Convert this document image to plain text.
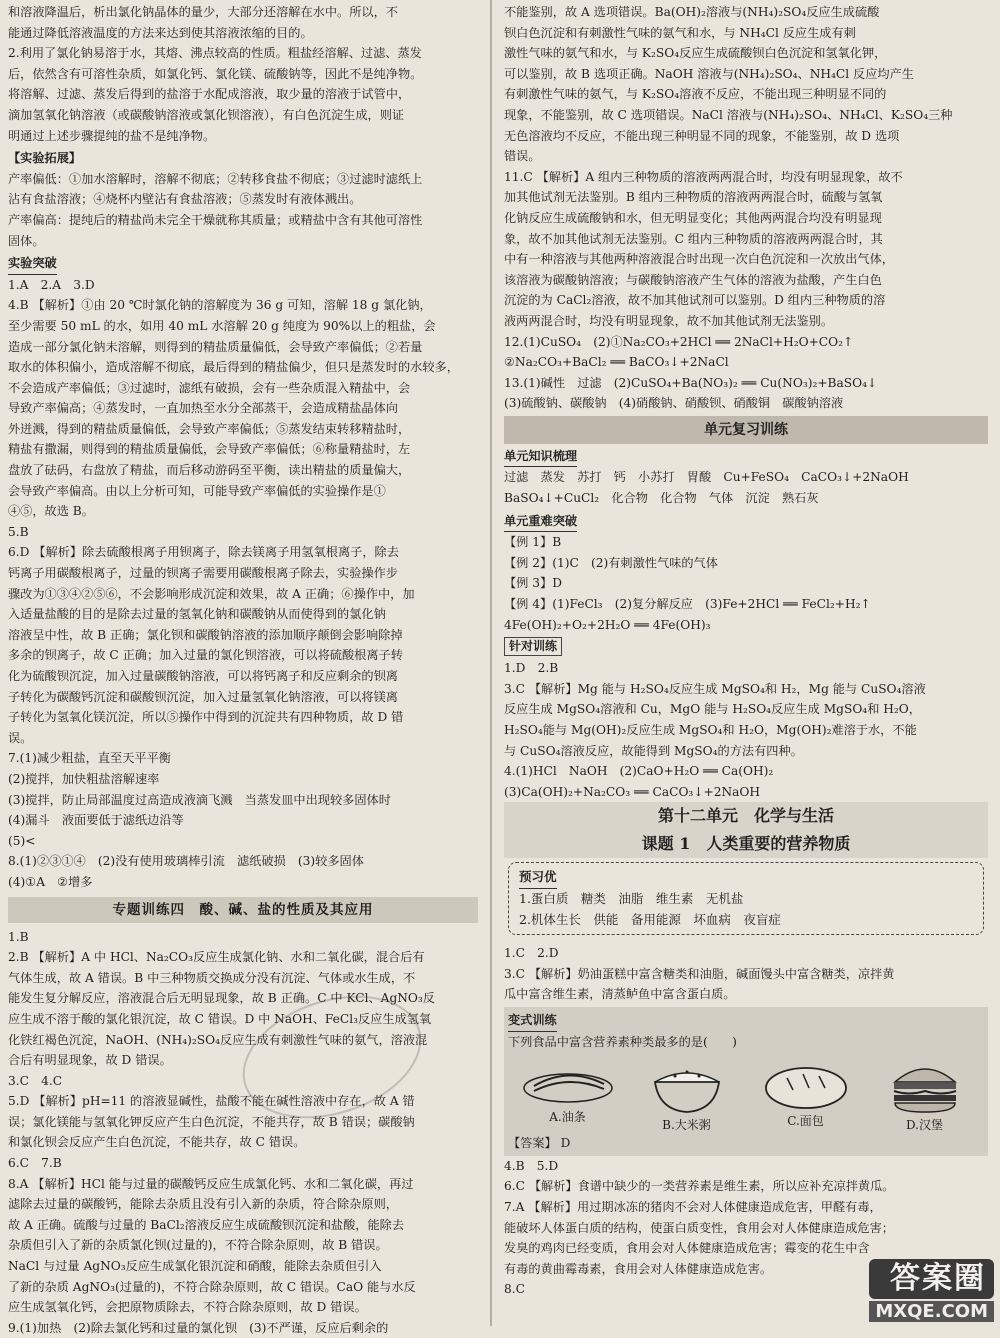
和溶液降温后，析出氯化钠晶体的量少，大部分还溶解在水中。所以，不

能通过降低溶液温度的方法来达到使其溶液浓缩的目的。

2.利用了氯化钠易溶于水，其熔、沸点较高的性质。粗盐经溶解、过滤、蒸发

后，依然含有可溶性杂质，如氯化钙、氯化镁、硫酸钠等，因此不是纯净物。

将溶解、过滤、蒸发后得到的盐溶于水配成溶液，取少量的溶液于试管中，

滴加氢氧化钠溶液（或碳酸钠溶液或氯化钡溶液），有白色沉淀生成，则证

明通过上述步骤提纯的盐不是纯净物。

【实验拓展】

产率偏低：①加水溶解时，溶解不彻底；②转移食盐不彻底；③过滤时滤纸上

沾有食盐溶液；④烧杯内壁沾有食盐溶液；⑤蒸发时有液体溅出。

产率偏高：提纯后的精盐尚未完全干燥就称其质量；或精盐中含有其他可溶性

固体。

实验突破

1.A　2.A　3.D

4.B 【解析】①由 20 ℃时氯化钠的溶解度为 36 g 可知，溶解 18 g 氯化钠，

至少需要 50 mL 的水，如用 40 mL 水溶解 20 g 纯度为 90%以上的粗盐，会

造成一部分氯化钠未溶解，则得到的精盐质量偏低，会导致产率偏低；②若量

取水的体积偏小，造成溶解不彻底，最后得到的精盐偏少，但只是蒸发时的水较多，

不会造成产率偏低；③过滤时，滤纸有破损，会有一些杂质混入精盐中，会

导致产率偏高；④蒸发时，一直加热至水分全部蒸干，会造成精盐晶体向

外迸溅，得到的精盐质量偏低，会导致产率偏低；⑤蒸发结束转移精盐时，

精盐有撒漏，则得到的精盐质量偏低，会导致产率偏低；⑥称量精盐时，左

盘放了砝码，右盘放了精盐，而后移动游码至平衡，读出精盐的质量偏大，

会导致产率偏高。由以上分析可知，可能导致产率偏低的实验操作是①

④⑤，故选 B。

5.B

6.D 【解析】除去硫酸根离子用钡离子，除去镁离子用氢氧根离子，除去

钙离子用碳酸根离子，过量的钡离子需要用碳酸根离子除去，实验操作步

骤改为①③④②⑤⑥，不会影响形成沉淀和效果，故 A 正确；⑥操作中，加

入适量盐酸的目的是除去过量的氢氧化钠和碳酸钠从而使得到的氯化钠

溶液呈中性，故 B 正确；氯化钡和碳酸钠溶液的添加顺序颠倒会影响除掉

多余的钡离子，故 C 正确；加入过量的氯化钡溶液，可以将硫酸根离子转

化为硫酸钡沉淀，加入过量碳酸钠溶液，可以将钙离子和反应剩余的钡离

子转化为碳酸钙沉淀和碳酸钡沉淀，加入过量氢氧化钠溶液，可以将镁离

子转化为氢氧化镁沉淀，所以⑤操作中得到的沉淀共有四种物质，故 D 错

误。

7.(1)减少粗盐，直至天平平衡

(2)搅拌，加快粗盐溶解速率

(3)搅拌，防止局部温度过高造成液滴飞溅　当蒸发皿中出现较多固体时

(4)漏斗　液面要低于滤纸边沿等

(5)<

8.(1)②③①④　(2)没有使用玻璃棒引流　滤纸破损　(3)较多固体

(4)①A　②增多

专题训练四　酸、碱、盐的性质及其应用

1.B

2.B 【解析】A 中 HCl、Na₂CO₃反应生成氯化钠、水和二氧化碳，混合后有

气体生成，故 A 错误。B 中三种物质交换成分没有沉淀、气体或水生成，不

能发生复分解反应，溶液混合后无明显现象，故 B 正确。C 中 KCl、AgNO₃反

应生成不溶于酸的氯化银沉淀，故 C 错误。D 中 NaOH、FeCl₃反应生成氢氧

化铁红褐色沉淀，NaOH、(NH₄)₂SO₄反应生成有刺激性气味的氨气，溶液混

合后有明显现象，故 D 错误。

3.C　4.C

5.D 【解析】pH=11 的溶液显碱性，盐酸不能在碱性溶液中存在，故 A 错

误；氯化镁能与氢氧化钾反应产生白色沉淀，不能共存，故 B 错误；碳酸钠

和氯化钡会反应产生白色沉淀，不能共存，故 C 错误。

6.C　7.B

8.A 【解析】HCl 能与过量的碳酸钙反应生成氯化钙、水和二氧化碳，再过

滤除去过量的碳酸钙，能除去杂质且没有引入新的杂质，符合除杂原则，

故 A 正确。硫酸与过量的 BaCl₂溶液反应生成硫酸钡沉淀和盐酸，能除去

杂质但引入了新的杂质氯化钡(过量的)，不符合除杂原则，故 B 错误。

NaCl 与过量 AgNO₃反应生成氯化银沉淀和硝酸，能除去杂质但引入

了新的杂质 AgNO₃(过量的)，不符合除杂原则，故 C 错误。CaO 能与水反

应生成氢氧化钙，会把原物质除去，不符合除杂原则，故 D 错误。

9.(1)加热　(2)除去氯化钙和过量的氯化钡　(3)不严谨，反应后剩余的

不能鉴别，故 A 选项错误。Ba(OH)₂溶液与(NH₄)₂SO₄反应生成硫酸

钡白色沉淀和有刺激性气味的氨气和水，与 NH₄Cl 反应生成有刺

激性气味的氨气和水，与 K₂SO₄反应生成硫酸钡白色沉淀和氢氧化钾，

可以鉴别，故 B 选项正确。NaOH 溶液与(NH₄)₂SO₄、NH₄Cl 反应均产生

有刺激性气味的氨气，与 K₂SO₄溶液不反应，不能出现三种明显不同的

现象，不能鉴别，故 C 选项错误。NaCl 溶液与(NH₄)₂SO₄、NH₄Cl、K₂SO₄三种

无色溶液均不反应，不能出现三种明显不同的现象，不能鉴别，故 D 选项

错误。

11.C 【解析】A 组内三种物质的溶液两两混合时，均没有明显现象，故不

加其他试剂无法鉴别。B 组内三种物质的溶液两两混合时，硫酸与氢氧

化钠反应生成硫酸钠和水，但无明显变化；其他两两混合均没有明显现

象，故不加其他试剂无法鉴别。C 组内三种物质的溶液两两混合时，其

中有一种溶液与其他两种溶液混合时出现一次白色沉淀和一次放出气体，

该溶液为碳酸钠溶液；与碳酸钠溶液产生气体的溶液为盐酸，产生白色

沉淀的为 CaCl₂溶液，故不加其他试剂可以鉴别。D 组内三种物质的溶

液两两混合时，均没有明显现象，故不加其他试剂无法鉴别。

12.(1)CuSO₄　(2)①Na₂CO₃+2HCl ══ 2NaCl+H₂O+CO₂↑

②Na₂CO₃+BaCl₂ ══ BaCO₃↓+2NaCl

13.(1)碱性　过滤　(2)CuSO₄+Ba(NO₃)₂ ══ Cu(NO₃)₂+BaSO₄↓

(3)硫酸钠、碳酸钠　(4)硝酸钠、硝酸钡、硝酸铜　碳酸钠溶液

单元复习训练

单元知识梳理

过滤　蒸发　苏打　钙　小苏打　胃酸　Cu+FeSO₄　CaCO₃↓+2NaOH

BaSO₄↓+CuCl₂　化合物　化合物　气体　沉淀　熟石灰

单元重难突破

【例 1】B

【例 2】(1)C　(2)有刺激性气味的气体

【例 3】D

【例 4】(1)FeCl₃　(2)复分解反应　(3)Fe+2HCl ══ FeCl₂+H₂↑

4Fe(OH)₂+O₂+2H₂O ══ 4Fe(OH)₃

针对训练

1.D　2.B

3.C 【解析】Mg 能与 H₂SO₄反应生成 MgSO₄和 H₂，Mg 能与 CuSO₄溶液

反应生成 MgSO₄溶液和 Cu，MgO 能与 H₂SO₄反应生成 MgSO₄和 H₂O，

H₂SO₄能与 Mg(OH)₂反应生成 MgSO₄和 H₂O，Mg(OH)₂难溶于水，不能

与 CuSO₄溶液反应，故能得到 MgSO₄的方法有四种。

4.(1)HCl　NaOH　(2)CaO+H₂O ══ Ca(OH)₂

(3)Ca(OH)₂+Na₂CO₃ ══ CaCO₃↓+2NaOH

第十二单元　化学与生活
课题 1　人类重要的营养物质

预习优

1.蛋白质　糖类　油脂　维生素　无机盐

2.机体生长　供能　备用能源　坏血病　夜盲症

1.C　2.D

3.C 【解析】奶油蛋糕中富含糖类和油脂，碱面馒头中富含糖类，凉拌黄

瓜中富含维生素，清蒸鲈鱼中富含蛋白质。

变式训练

下列食品中富含营养素种类最多的是(　　)

A.油条
B.大米粥	C.面包	D.汉堡

【答案】 D

4.B　5.D

6.C 【解析】食谱中缺少的一类营养素是维生素，所以应补充凉拌黄瓜。

7.A 【解析】用过期冰冻的猪肉不会对人体健康造成危害，甲醛有毒，

能破坏人体蛋白质的结构，使蛋白质变性，食用会对人体健康造成危害；

发臭的鸡肉已经变质，食用会对人体健康造成危害；霉变的花生中含

有毒的黄曲霉毒素，食用会对人体健康造成危害。

8.C	答案圈
MXQE.COM
